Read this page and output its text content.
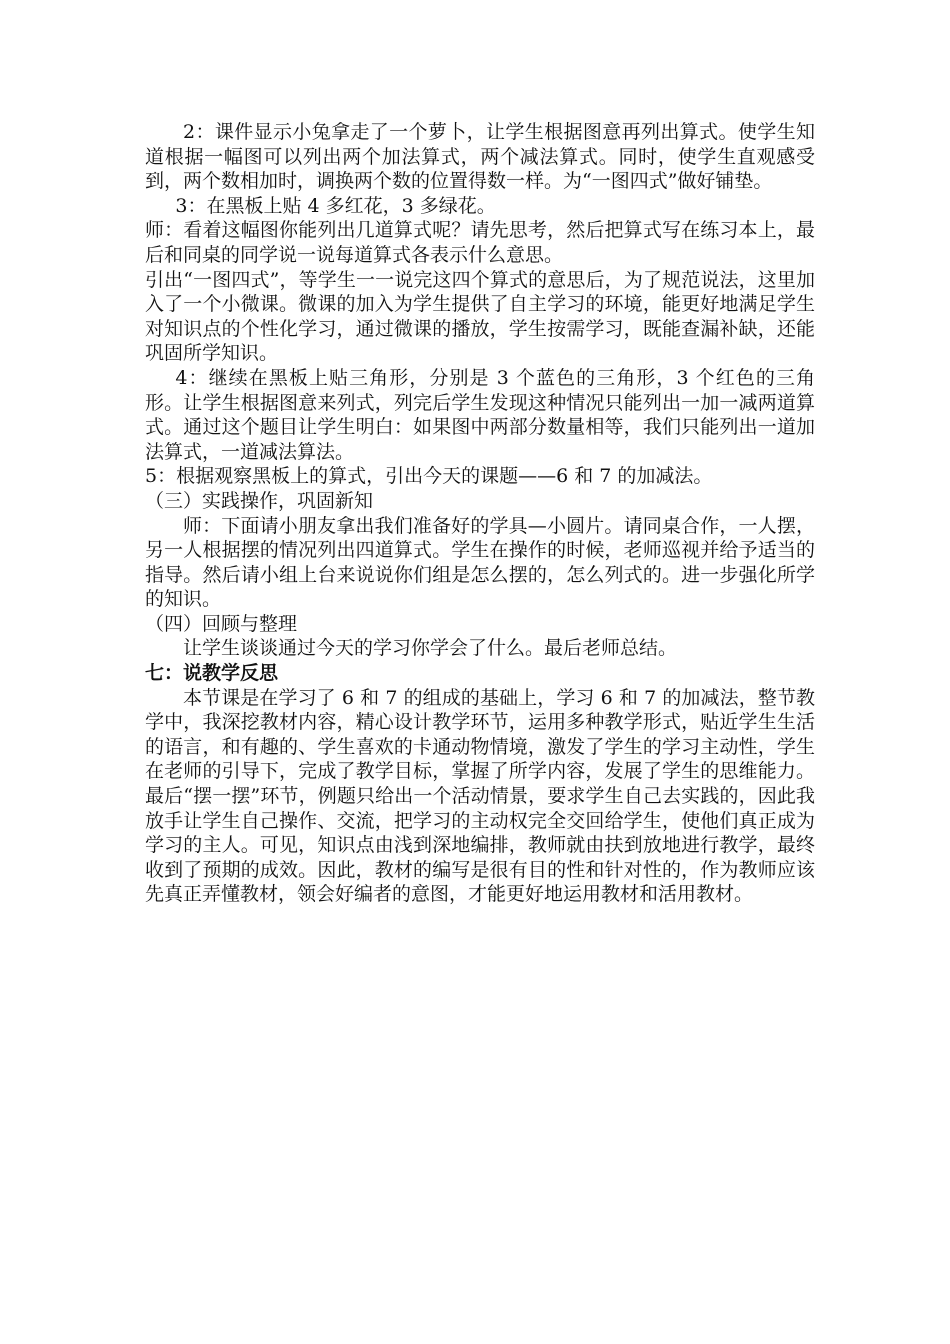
2：课件显示小兔拿走了一个萝卜，让学生根据图意再列出算式。使学生知道根据一幅图可以列出两个加法算式，两个减法算式。同时，使学生直观感受到，两个数相加时，调换两个数的位置得数一样。为“一图四式”做好铺垫。

3：在黑板上贴 4 多红花，3 多绿花。

师：看着这幅图你能列出几道算式呢？请先思考，然后把算式写在练习本上，最后和同桌的同学说一说每道算式各表示什么意思。

引出“一图四式”，等学生一一说完这四个算式的意思后，为了规范说法，这里加入了一个小微课。微课的加入为学生提供了自主学习的环境，能更好地满足学生对知识点的个性化学习，通过微课的播放，学生按需学习，既能查漏补缺，还能巩固所学知识。

4：继续在黑板上贴三角形，分别是 3 个蓝色的三角形，3 个红色的三角形。让学生根据图意来列式，列完后学生发现这种情况只能列出一加一减两道算式。通过这个题目让学生明白：如果图中两部分数量相等，我们只能列出一道加法算式，一道减法算法。

5：根据观察黑板上的算式，引出今天的课题——6 和 7 的加减法。

（三）实践操作，巩固新知

师：下面请小朋友拿出我们准备好的学具—小圆片。请同桌合作，一人摆，另一人根据摆的情况列出四道算式。学生在操作的时候，老师巡视并给予适当的指导。然后请小组上台来说说你们组是怎么摆的，怎么列式的。进一步强化所学的知识。

（四）回顾与整理

让学生谈谈通过今天的学习你学会了什么。最后老师总结。

七：说教学反思

本节课是在学习了 6 和 7 的组成的基础上，学习 6 和 7 的加减法，整节教学中，我深挖教材内容，精心设计教学环节，运用多种教学形式，贴近学生生活的语言，和有趣的、学生喜欢的卡通动物情境，激发了学生的学习主动性，学生在老师的引导下，完成了教学目标，掌握了所学内容，发展了学生的思维能力。最后“摆一摆”环节，例题只给出一个活动情景，要求学生自己去实践的，因此我放手让学生自己操作、交流，把学习的主动权完全交回给学生，使他们真正成为学习的主人。可见，知识点由浅到深地编排，教师就由扶到放地进行教学，最终收到了预期的成效。因此，教材的编写是很有目的性和针对性的，作为教师应该先真正弄懂教材，领会好编者的意图，才能更好地运用教材和活用教材。
